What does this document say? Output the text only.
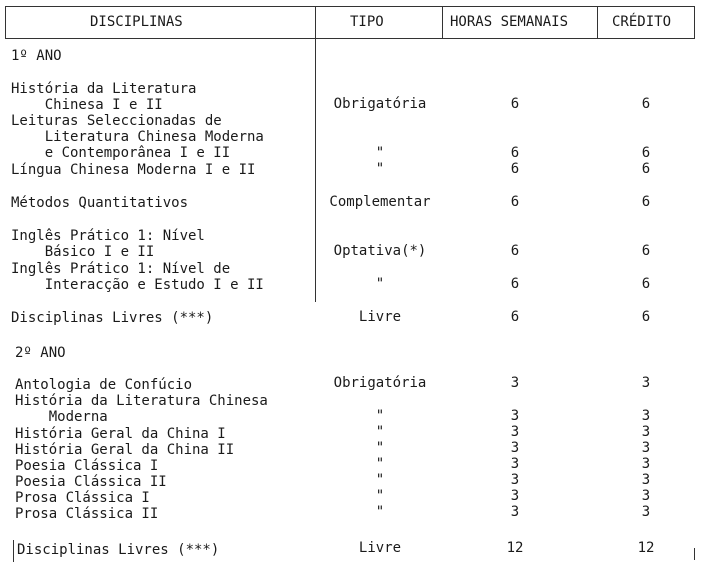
DISCIPLINAS	TIPO	HORAS SEMANAIS	CRÉDITO
1º ANO
História da Literatura
Chinesa I e II	Obrigatória	6	6
Leituras Seleccionadas de
Literatura Chinesa Moderna
e Contemporânea I e II	"	6	6
Língua Chinesa Moderna I e II	"	6	6
Métodos Quantitativos	Complementar	6	6
Inglês Prático 1: Nível
Básico I e II	Optativa(*)	6	6
Inglês Prático 1: Nível de
Interacção e Estudo I e II	"	6	6
Disciplinas Livres (***)	Livre	6	6
2º ANO
Antologia de Confúcio	Obrigatória	3	3
História da Literatura Chinesa
Moderna	"	3	3
História Geral da China I	"	3	3
História Geral da China II	"	3	3
Poesia Clássica I	"	3	3
Poesia Clássica II	"	3	3
Prosa Clássica I	"	3	3
Prosa Clássica II	"	3	3
Disciplinas Livres (***)	Livre	12	12
